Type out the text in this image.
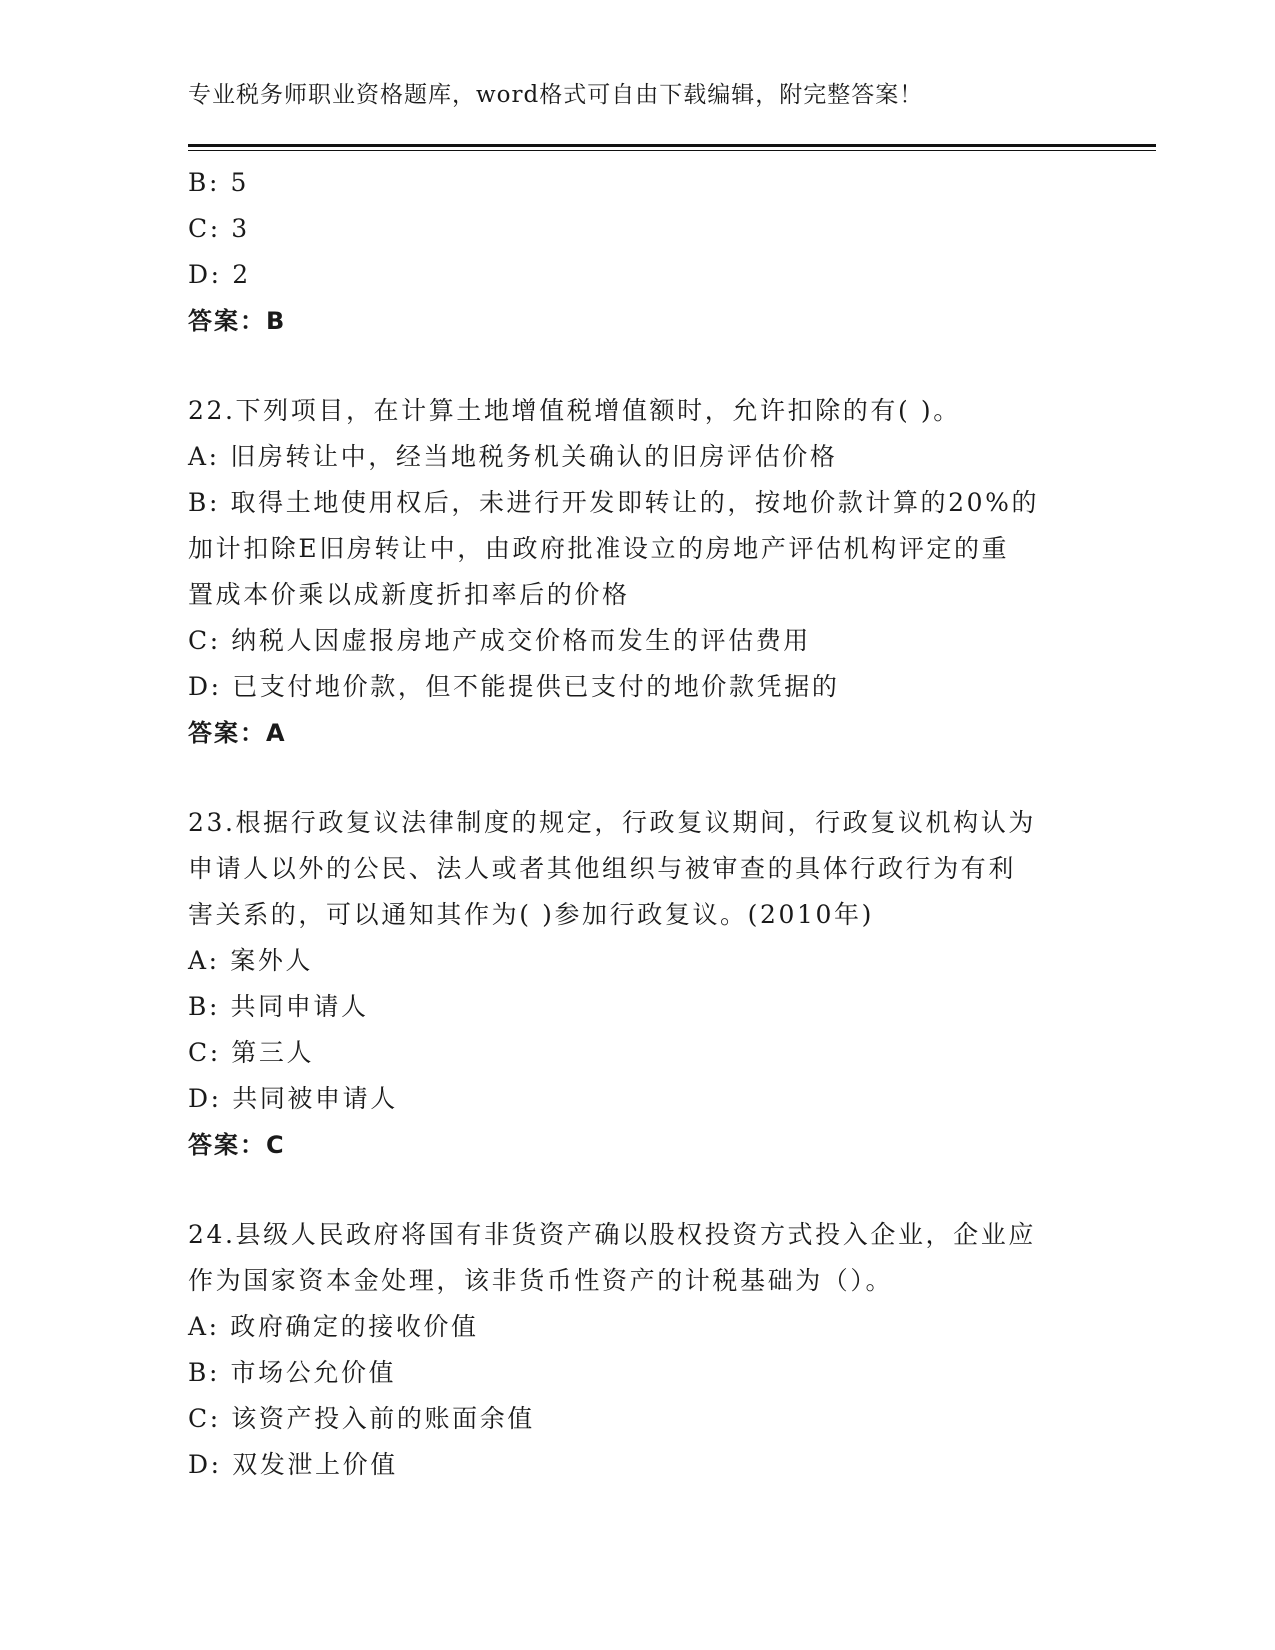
专业税务师职业资格题库，word格式可自由下载编辑，附完整答案！
B: 5
C: 3
D: 2
答案：B
22.下列项目，在计算土地增值税增值额时，允许扣除的有( )。
A: 旧房转让中，经当地税务机关确认的旧房评估价格
B: 取得土地使用权后，未进行开发即转让的，按地价款计算的20%的
加计扣除E旧房转让中，由政府批准设立的房地产评估机构评定的重
置成本价乘以成新度折扣率后的价格
C: 纳税人因虚报房地产成交价格而发生的评估费用
D: 已支付地价款，但不能提供已支付的地价款凭据的
答案：A
23.根据行政复议法律制度的规定，行政复议期间，行政复议机构认为
申请人以外的公民、法人或者其他组织与被审查的具体行政行为有利
害关系的，可以通知其作为( )参加行政复议。(2010年)
A: 案外人
B: 共同申请人
C: 第三人
D: 共同被申请人
答案：C
24.县级人民政府将国有非货资产确以股权投资方式投入企业，企业应
作为国家资本金处理，该非货币性资产的计税基础为（）。
A: 政府确定的接收价值
B: 市场公允价值
C: 该资产投入前的账面余值
D: 双发泄上价值
